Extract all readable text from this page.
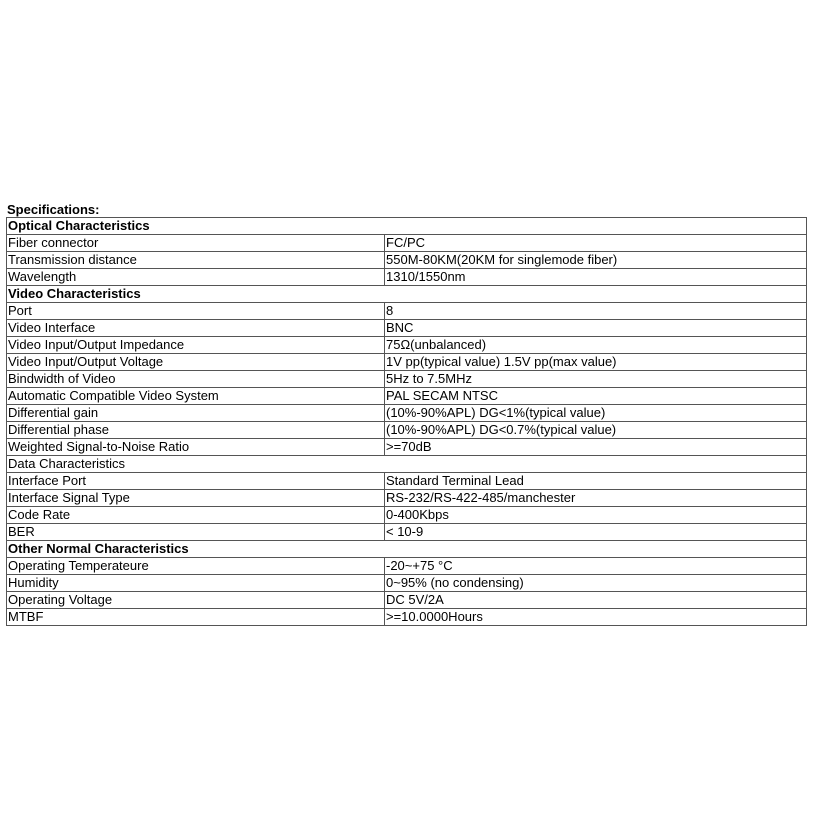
Specifications:
Optical Characteristics	
Fiber connector	FC/PC
Transmission distance	550M-80KM(20KM for singlemode fiber)
Wavelength	1310/1550nm
Video Characteristics	
Port	8
Video Interface	BNC
Video Input/Output Impedance	75Ω(unbalanced)
Video Input/Output Voltage	1V pp(typical value) 1.5V pp(max value)
Bindwidth of Video	5Hz to 7.5MHz
Automatic Compatible Video System	PAL SECAM NTSC
Differential gain	(10%-90%APL) DG<1%(typical value)
Differential phase	(10%-90%APL) DG<0.7%(typical value)
Weighted Signal-to-Noise Ratio	>=70dB
Data Characteristics	
Interface Port	Standard Terminal Lead
Interface Signal Type	RS-232/RS-422-485/manchester
Code Rate	0-400Kbps
BER	< 10-9
Other Normal Characteristics	
Operating Temperateure	-20~+75 °C
Humidity	0~95% (no condensing)
Operating Voltage	DC 5V/2A
MTBF	>=10.0000Hours
